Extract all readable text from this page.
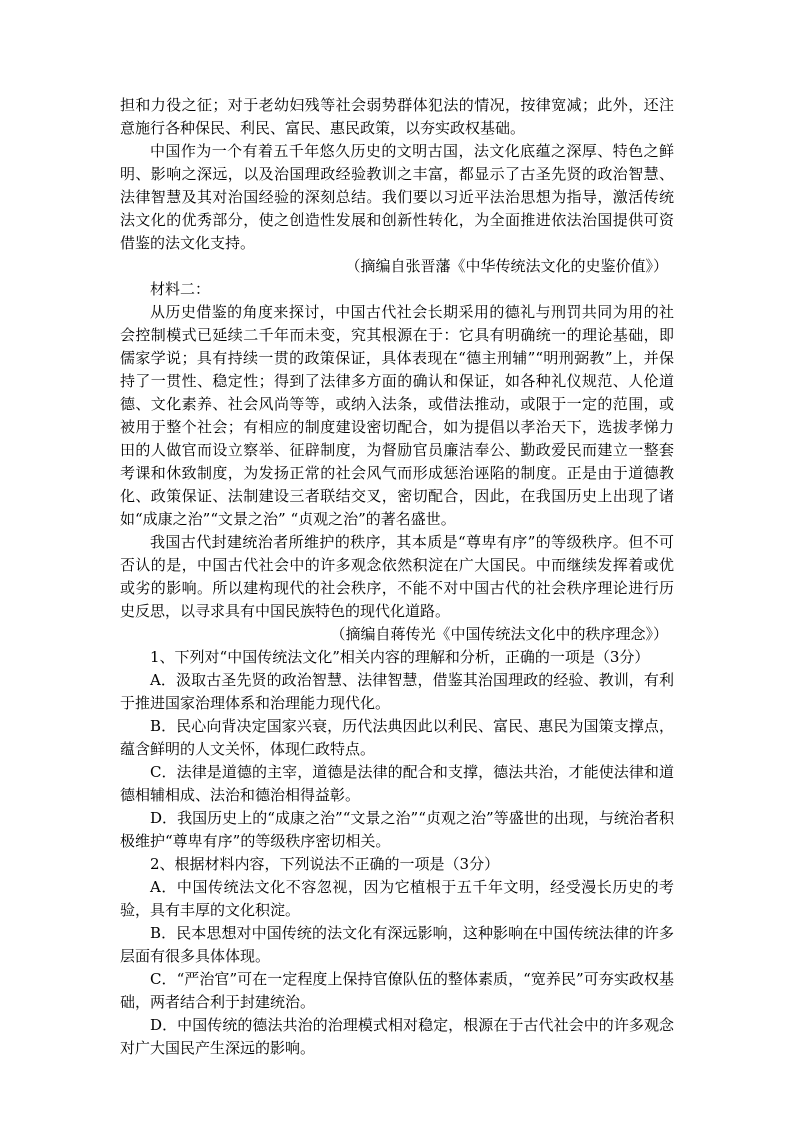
担和力役之征；对于老幼妇残等社会弱势群体犯法的情况，按律宽减；此外，还注意施行各种保民、利民、富民、惠民政策，以夯实政权基础。

中国作为一个有着五千年悠久历史的文明古国，法文化底蕴之深厚、特色之鲜明、影响之深远，以及治国理政经验教训之丰富，都显示了古圣先贤的政治智慧、法律智慧及其对治国经验的深刻总结。我们要以习近平法治思想为指导，激活传统法文化的优秀部分，使之创造性发展和创新性转化，为全面推进依法治国提供可资借鉴的法文化支持。

（摘编自张晋藩《中华传统法文化的史鉴价值》）

材料二：

从历史借鉴的角度来探讨，中国古代社会长期采用的德礼与刑罚共同为用的社会控制模式已延续二千年而未变，究其根源在于：它具有明确统一的理论基础，即儒家学说；具有持续一贯的政策保证，具体表现在“德主刑辅”“明刑弼教”上，并保持了一贯性、稳定性；得到了法律多方面的确认和保证，如各种礼仪规范、人伦道德、文化素养、社会风尚等等，或纳入法条，或借法推动，或限于一定的范围，或被用于整个社会；有相应的制度建设密切配合，如为提倡以孝治天下，选拔孝悌力田的人做官而设立察举、征辟制度，为督励官员廉洁奉公、勤政爱民而建立一整套考课和休致制度，为发扬正常的社会风气而形成惩治诬陷的制度。正是由于道德教化、政策保证、法制建设三者联结交叉，密切配合，因此，在我国历史上出现了诸如“成康之治”“文景之治” “贞观之治”的著名盛世。

我国古代封建统治者所维护的秩序，其本质是“尊卑有序”的等级秩序。但不可否认的是，中国古代社会中的许多观念依然积淀在广大国民。中而继续发挥着或优或劣的影响。所以建构现代的社会秩序，不能不对中国古代的社会秩序理论进行历史反思，以寻求具有中国民族特色的现代化道路。

（摘编自蒋传光《中国传统法文化中的秩序理念》）

1、下列对“中国传统法文化”相关内容的理解和分析，正确的一项是（3分）

A．汲取古圣先贤的政治智慧、法律智慧，借鉴其治国理政的经验、教训，有利于推进国家治理体系和治理能力现代化。

B．民心向背决定国家兴衰，历代法典因此以利民、富民、惠民为国策支撑点，蕴含鲜明的人文关怀，体现仁政特点。

C．法律是道德的主宰，道德是法律的配合和支撑，德法共治，才能使法律和道德相辅相成、法治和德治相得益彰。

D．我国历史上的“成康之治”“文景之治”“贞观之治”等盛世的出现，与统治者积极维护“尊卑有序”的等级秩序密切相关。

2、根据材料内容，下列说法不正确的一项是（3分）

A．中国传统法文化不容忽视，因为它植根于五千年文明，经受漫长历史的考验，具有丰厚的文化积淀。

B．民本思想对中国传统的法文化有深远影响，这种影响在中国传统法律的许多层面有很多具体体现。

C．“严治官”可在一定程度上保持官僚队伍的整体素质，“宽养民”可夯实政权基础，两者结合利于封建统治。

D．中国传统的德法共治的治理模式相对稳定，根源在于古代社会中的许多观念对广大国民产生深远的影响。
